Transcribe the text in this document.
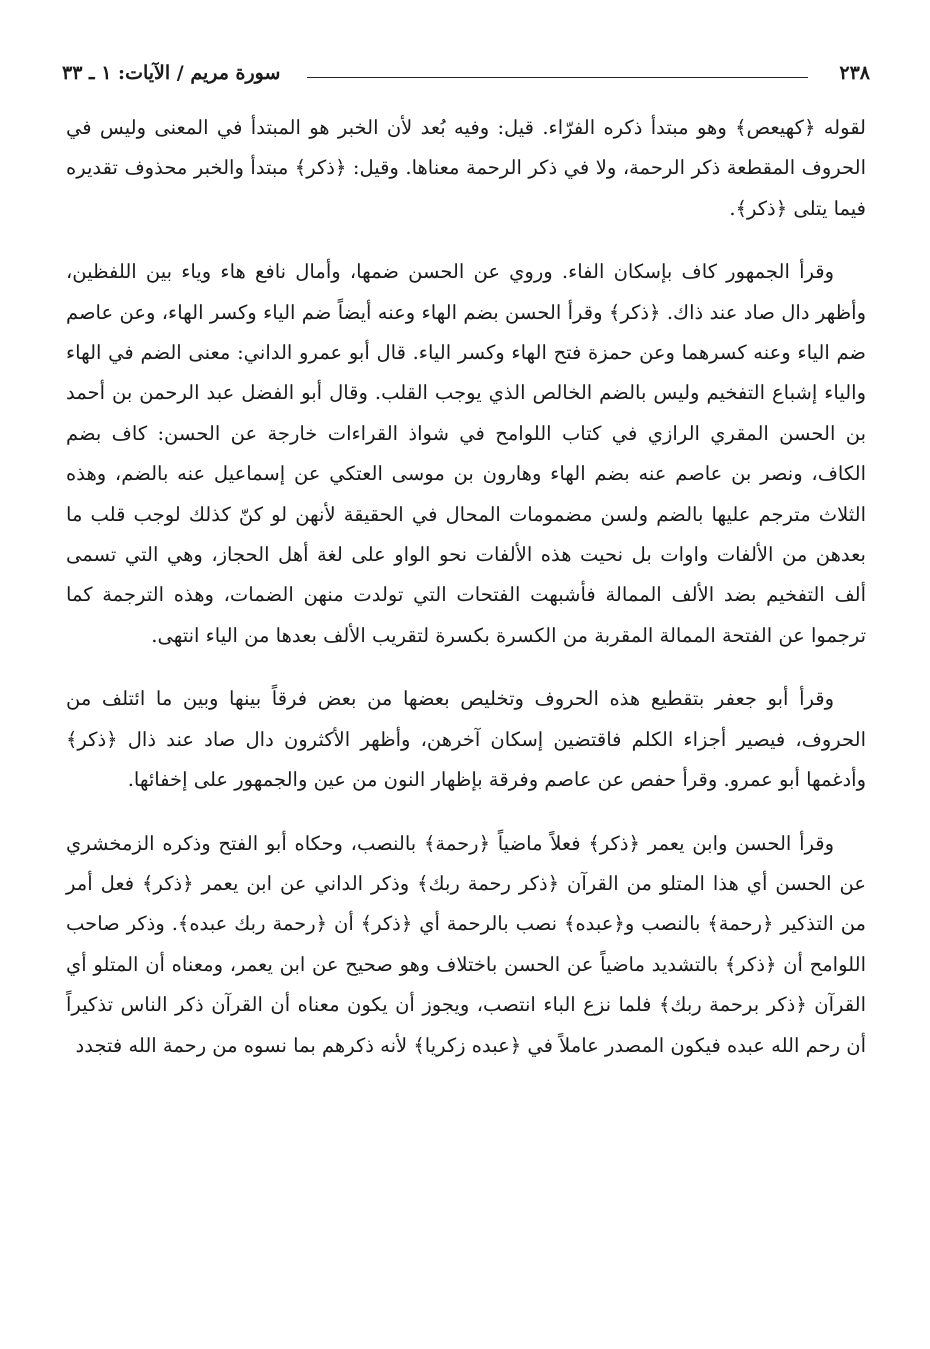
٢٣٨
سورة مريم / الآيات: ١ ـ ٣٣

لقوله ﴿كهيعص﴾ وهو مبتدأ ذكره الفرّاء. قيل: وفيه بُعد لأن الخبر هو المبتدأ في المعنى وليس في الحروف المقطعة ذكر الرحمة، ولا في ذكر الرحمة معناها. وقيل: ﴿ذكر﴾ مبتدأ والخبر محذوف تقديره فيما يتلى ﴿ذكر﴾.

وقرأ الجمهور كاف بإسكان الفاء. وروي عن الحسن ضمها، وأمال نافع هاء وياء بين اللفظين، وأظهر دال صاد عند ذاك. ﴿ذكر﴾ وقرأ الحسن بضم الهاء وعنه أيضاً ضم الياء وكسر الهاء، وعن عاصم ضم الياء وعنه كسرهما وعن حمزة فتح الهاء وكسر الياء. قال أبو عمرو الداني: معنى الضم في الهاء والياء إشباع التفخيم وليس بالضم الخالص الذي يوجب القلب. وقال أبو الفضل عبد الرحمن بن أحمد بن الحسن المقري الرازي في كتاب اللوامح في شواذ القراءات خارجة عن الحسن: كاف بضم الكاف، ونصر بن عاصم عنه بضم الهاء وهارون بن موسى العتكي عن إسماعيل عنه بالضم، وهذه الثلاث مترجم عليها بالضم ولسن مضمومات المحال في الحقيقة لأنهن لو كنّ كذلك لوجب قلب ما بعدهن من الألفات واوات بل نحيت هذه الألفات نحو الواو على لغة أهل الحجاز، وهي التي تسمى ألف التفخيم بضد الألف الممالة فأشبهت الفتحات التي تولدت منهن الضمات، وهذه الترجمة كما ترجموا عن الفتحة الممالة المقربة من الكسرة بكسرة لتقريب الألف بعدها من الياء انتهى.

وقرأ أبو جعفر بتقطيع هذه الحروف وتخليص بعضها من بعض فرقاً بينها وبين ما ائتلف من الحروف، فيصير أجزاء الكلم فاقتضين إسكان آخرهن، وأظهر الأكثرون دال صاد عند ذال ﴿ذكر﴾ وأدغمها أبو عمرو. وقرأ حفص عن عاصم وفرقة بإظهار النون من عين والجمهور على إخفائها.

وقرأ الحسن وابن يعمر ﴿ذكر﴾ فعلاً ماضياً ﴿رحمة﴾ بالنصب، وحكاه أبو الفتح وذكره الزمخشري عن الحسن أي هذا المتلو من القرآن ﴿ذكر رحمة ربك﴾ وذكر الداني عن ابن يعمر ﴿ذكر﴾ فعل أمر من التذكير ﴿رحمة﴾ بالنصب و﴿عبده﴾ نصب بالرحمة أي ﴿ذكر﴾ أن ﴿رحمة ربك عبده﴾. وذكر صاحب اللوامح أن ﴿ذكر﴾ بالتشديد ماضياً عن الحسن باختلاف وهو صحيح عن ابن يعمر، ومعناه أن المتلو أي القرآن ﴿ذكر برحمة ربك﴾ فلما نزع الباء انتصب، ويجوز أن يكون معناه أن القرآن ذكر الناس تذكيراً أن رحم الله عبده فيكون المصدر عاملاً في ﴿عبده زكريا﴾ لأنه ذكرهم بما نسوه من رحمة الله فتجدد
